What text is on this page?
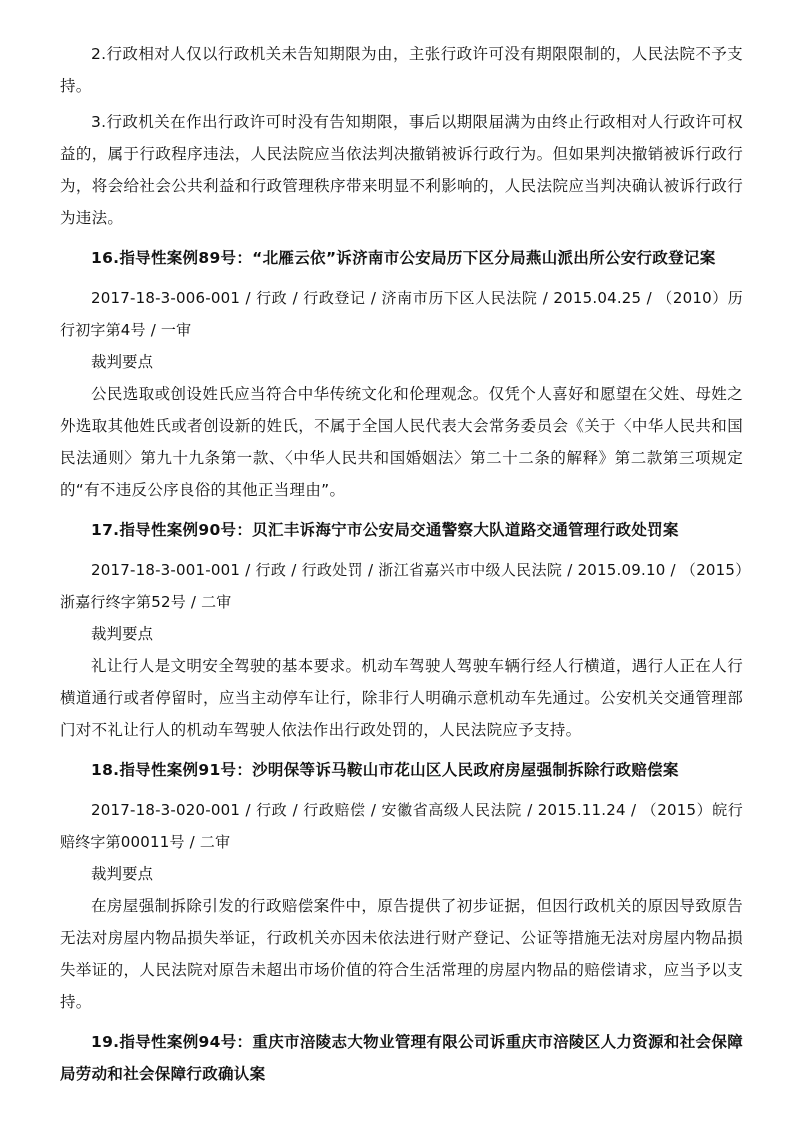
2.行政相对人仅以行政机关未告知期限为由，主张行政许可没有期限限制的，人民法院不予支持。

3.行政机关在作出行政许可时没有告知期限，事后以期限届满为由终止行政相对人行政许可权益的，属于行政程序违法，人民法院应当依法判决撤销被诉行政行为。但如果判决撤销被诉行政行为，将会给社会公共利益和行政管理秩序带来明显不利影响的，人民法院应当判决确认被诉行政行为违法。

16.指导性案例89号：“北雁云依”诉济南市公安局历下区分局燕山派出所公安行政登记案

2017-18-3-006-001 / 行政 / 行政登记 / 济南市历下区人民法院 / 2015.04.25 / （2010）历行初字第4号 / 一审

裁判要点

公民选取或创设姓氏应当符合中华传统文化和伦理观念。仅凭个人喜好和愿望在父姓、母姓之外选取其他姓氏或者创设新的姓氏，不属于全国人民代表大会常务委员会《关于〈中华人民共和国民法通则〉第九十九条第一款、〈中华人民共和国婚姻法〉第二十二条的解释》第二款第三项规定的“有不违反公序良俗的其他正当理由”。

17.指导性案例90号：贝汇丰诉海宁市公安局交通警察大队道路交通管理行政处罚案

2017-18-3-001-001 / 行政 / 行政处罚 / 浙江省嘉兴市中级人民法院 / 2015.09.10 / （2015）浙嘉行终字第52号 / 二审

裁判要点

礼让行人是文明安全驾驶的基本要求。机动车驾驶人驾驶车辆行经人行横道，遇行人正在人行横道通行或者停留时，应当主动停车让行，除非行人明确示意机动车先通过。公安机关交通管理部门对不礼让行人的机动车驾驶人依法作出行政处罚的，人民法院应予支持。

18.指导性案例91号：沙明保等诉马鞍山市花山区人民政府房屋强制拆除行政赔偿案

2017-18-3-020-001 / 行政 / 行政赔偿 / 安徽省高级人民法院 / 2015.11.24 / （2015）皖行赔终字第00011号 / 二审

裁判要点

在房屋强制拆除引发的行政赔偿案件中，原告提供了初步证据，但因行政机关的原因导致原告无法对房屋内物品损失举证，行政机关亦因未依法进行财产登记、公证等措施无法对房屋内物品损失举证的，人民法院对原告未超出市场价值的符合生活常理的房屋内物品的赔偿请求，应当予以支持。

19.指导性案例94号：重庆市涪陵志大物业管理有限公司诉重庆市涪陵区人力资源和社会保障局劳动和社会保障行政确认案
